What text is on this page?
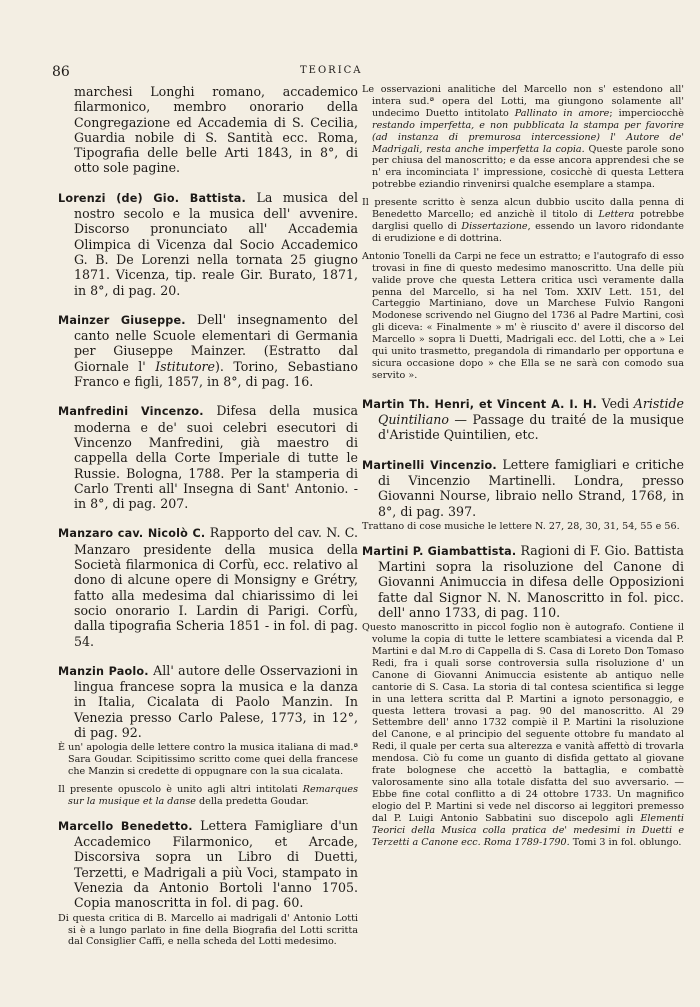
86	TEORICA

marchesi Longhi romano, accademico filarmonico, membro onorario della Congregazione ed Accademia di S. Cecilia, Guardia nobile di S. Santità ecc. Roma, Tipografia delle belle Arti 1843, in 8°, di otto sole pagine.

Lorenzi (de) Gio. Battista. La musica del nostro secolo e la musica dell' avvenire. Discorso pronunciato all' Accademia Olimpica di Vicenza dal Socio Accademico G. B. De Lorenzi nella tornata 25 giugno 1871. Vicenza, tip. reale Gir. Burato, 1871, in 8°, di pag. 20.

Mainzer Giuseppe. Dell' insegnamento del canto nelle Scuole elementari di Germania per Giuseppe Mainzer. (Estratto dal Giornale l' Istitutore). Torino, Sebastiano Franco e figli, 1857, in 8°, di pag. 16.

Manfredini Vincenzo. Difesa della musica moderna e de' suoi celebri esecutori di Vincenzo Manfredini, già maestro di cappella della Corte Imperiale di tutte le Russie. Bologna, 1788. Per la stamperia di Carlo Trenti all' Insegna di Sant' Antonio. - in 8°, di pag. 207.

Manzaro cav. Nicolò C. Rapporto del cav. N. C. Manzaro presidente della musica della Società filarmonica di Corfù, ecc. relativo al dono di alcune opere di Monsigny e Grétry, fatto alla medesima dal chiarissimo di lei socio onorario I. Lardin di Parigi. Corfù, dalla tipografia Scheria 1851 - in fol. di pag. 54.

Manzin Paolo. All' autore delle Osservazioni in lingua francese sopra la musica e la danza in Italia, Cicalata di Paolo Manzin. In Venezia presso Carlo Palese, 1773, in 12°, di pag. 92.

È un' apologia delle lettere contro la musica italiana di mad.ª Sara Goudar. Scipitissimo scritto come quei della francese che Manzin si credette di oppugnare con la sua cicalata.

Il presente opuscolo è unito agli altri intitolati Remarques sur la musique et la danse della predetta Goudar.

Marcello Benedetto. Lettera Famigliare d'un Accademico Filarmonico, et Arcade, Discorsiva sopra un Libro di Duetti, Terzetti, e Madrigali a più Voci, stampato in Venezia da Antonio Bortoli l'anno 1705. Copia manoscritta in fol. di pag. 60.

Di questa critica di B. Marcello ai madrigali d' Antonio Lotti si è a lungo parlato in fine della Biografia del Lotti scritta dal Consiglier Caffi, e nella scheda del Lotti medesimo.

Le osservazioni analitiche del Marcello non s' estendono all' intera sud.ª opera del Lotti, ma giungono solamente all' undecimo Duetto intitolato Pallinato in amore; imperciocchè restando imperfetta, e non pubblicata la stampa per favorire (ad instanza di premurosa intercessione) l' Autore de' Madrigali, resta anche imperfetta la copia. Queste parole sono per chiusa del manoscritto; e da esse ancora apprendesi che se n' era incominciata l' impressione, cosicchè di questa Lettera potrebbe eziandio rinvenirsi qualche esemplare a stampa.

Il presente scritto è senza alcun dubbio uscito dalla penna di Benedetto Marcello; ed anzichè il titolo di Lettera potrebbe darglisi quello di Dissertazione, essendo un lavoro ridondante di erudizione e di dottrina.

Antonio Tonelli da Carpi ne fece un estratto; e l'autografo di esso trovasi in fine di questo medesimo manoscritto. Una delle più valide prove che questa Lettera critica uscì veramente dalla penna del Marcello, si ha nel Tom. XXIV Lett. 151, del Carteggio Martiniano, dove un Marchese Fulvio Rangoni Modonese scrivendo nel Giugno del 1736 al Padre Martini, così gli diceva: « Finalmente » m' è riuscito d' avere il discorso del Marcello » sopra li Duetti, Madrigali ecc. del Lotti, che a » Lei qui unito trasmetto, pregandola di rimandarlo per opportuna e sicura occasione dopo » che Ella se ne sarà con comodo sua servito ».

Martin Th. Henri, et Vincent A. I. H. Vedi Aristide Quintiliano — Passage du traité de la musique d'Aristide Quintilien, etc.

Martinelli Vincenzio. Lettere famigliari e critiche di Vincenzio Martinelli. Londra, presso Giovanni Nourse, libraio nello Strand, 1768, in 8°, di pag. 397.

Trattano di cose musiche le lettere N. 27, 28, 30, 31, 54, 55 e 56.

Martini P. Giambattista. Ragioni di F. Gio. Battista Martini sopra la risoluzione del Canone di Giovanni Animuccia in difesa delle Opposizioni fatte dal Signor N. N. Manoscritto in fol. picc. dell' anno 1733, di pag. 110.

Questo manoscritto in piccol foglio non è autografo. Contiene il volume la copia di tutte le lettere scambiatesi a vicenda dal P. Martini e dal M.ro di Cappella di S. Casa di Loreto Don Tomaso Redi, fra i quali sorse controversia sulla risoluzione d' un Canone di Giovanni Animuccia esistente ab antiquo nelle cantorie di S. Casa. La storia di tal contesa scientifica si legge in una lettera scritta dal P. Martini a ignoto personaggio, e questa lettera trovasi a pag. 90 del manoscritto. Al 29 Settembre dell' anno 1732 compiè il P. Martini la risoluzione del Canone, e al principio del seguente ottobre fu mandato al Redi, il quale per certa sua alterezza e vanità affettò di trovarla mendosa. Ciò fu come un guanto di disfida gettato al giovane frate bolognese che accettò la battaglia, e combattè valorosamente sino alla totale disfatta del suo avversario. — Ebbe fine cotal conflitto a di 24 ottobre 1733. Un magnifico elogio del P. Martini si vede nel discorso ai leggitori premesso dal P. Luigi Antonio Sabbatini suo discepolo agli Elementi Teorici della Musica colla pratica de' medesimi in Duetti e Terzetti a Canone ecc. Roma 1789-1790. Tomi 3 in fol. oblungo.
